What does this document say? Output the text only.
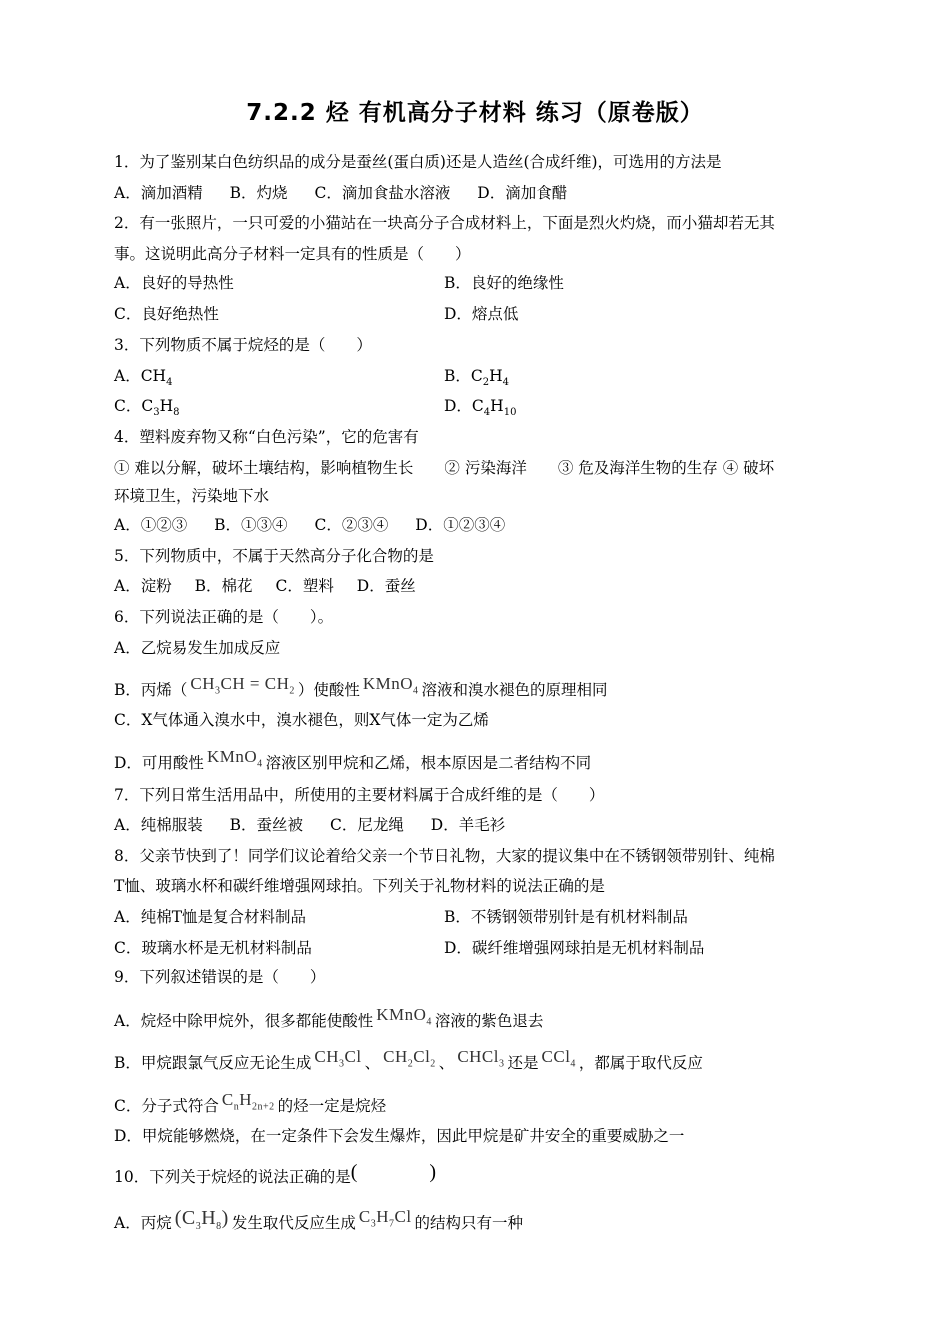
7.2.2 烃 有机高分子材料 练习（原卷版）
1．为了鉴别某白色纺织品的成分是蚕丝(蛋白质)还是人造丝(合成纤维)，可选用的方法是
A．滴加酒精 B．灼烧 C．滴加食盐水溶液 D．滴加食醋
2．有一张照片，一只可爱的小猫站在一块高分子合成材料上，下面是烈火灼烧，而小猫却若无其
事。这说明此高分子材料一定具有的性质是（　　）
A．良好的导热性	B．良好的绝缘性
C．良好绝热性	D．熔点低
3．下列物质不属于烷烃的是（　　）
A．$CH_4$	B．$C_2H_4$
C．$C_3H_8$	D．$C_4H_{10}$
4．塑料废弃物又称“白色污染”，它的危害有
① 难以分解，破坏土壤结构，影响植物生长　　② 污染海洋　　③ 危及海洋生物的生存 ④ 破坏
环境卫生，污染地下水
A．①②③ B．①③④ C．②③④ D．①②③④
5．下列物质中，不属于天然高分子化合物的是
A．淀粉 B．棉花 C．塑料 D．蚕丝
6．下列说法正确的是（　　）。
A．乙烷易发生加成反应
B．丙烯（ $CH_3CH = CH_2$ ）使酸性 KMnO$_4$ 溶液和溴水褪色的原理相同
C．X气体通入溴水中，溴水褪色，则X气体一定为乙烯
D．可用酸性 KMnO$_4$ 溶液区别甲烷和乙烯，根本原因是二者结构不同
7．下列日常生活用品中，所使用的主要材料属于合成纤维的是（　　）
A．纯棉服装 B．蚕丝被 C．尼龙绳 D．羊毛衫
8．父亲节快到了！同学们议论着给父亲一个节日礼物，大家的提议集中在不锈钢领带别针、纯棉
T恤、玻璃水杯和碳纤维增强网球拍。下列关于礼物材料的说法正确的是
A．纯棉T恤是复合材料制品	B．不锈钢领带别针是有机材料制品
C．玻璃水杯是无机材料制品	D．碳纤维增强网球拍是无机材料制品
9．下列叙述错误的是（　　）
A．烷烃中除甲烷外，很多都能使酸性 KMnO$_4$ 溶液的紫色退去
B．甲烷跟氯气反应无论生成 $CH_3Cl$ 、 $CH_2Cl_2$ 、 CHCl$_3$ 还是 CCl$_4$ ，都属于取代反应
C．分子式符合 $C_nH_{2n+2}$ 的烃一定是烷烃
D．甲烷能够燃烧，在一定条件下会发生爆炸，因此甲烷是矿井安全的重要威胁之一
10．下列关于烷烃的说法正确的是(	)
A．丙烷 $(C_3H_8)$ 发生取代反应生成 $C_3H_7Cl$ 的结构只有一种
